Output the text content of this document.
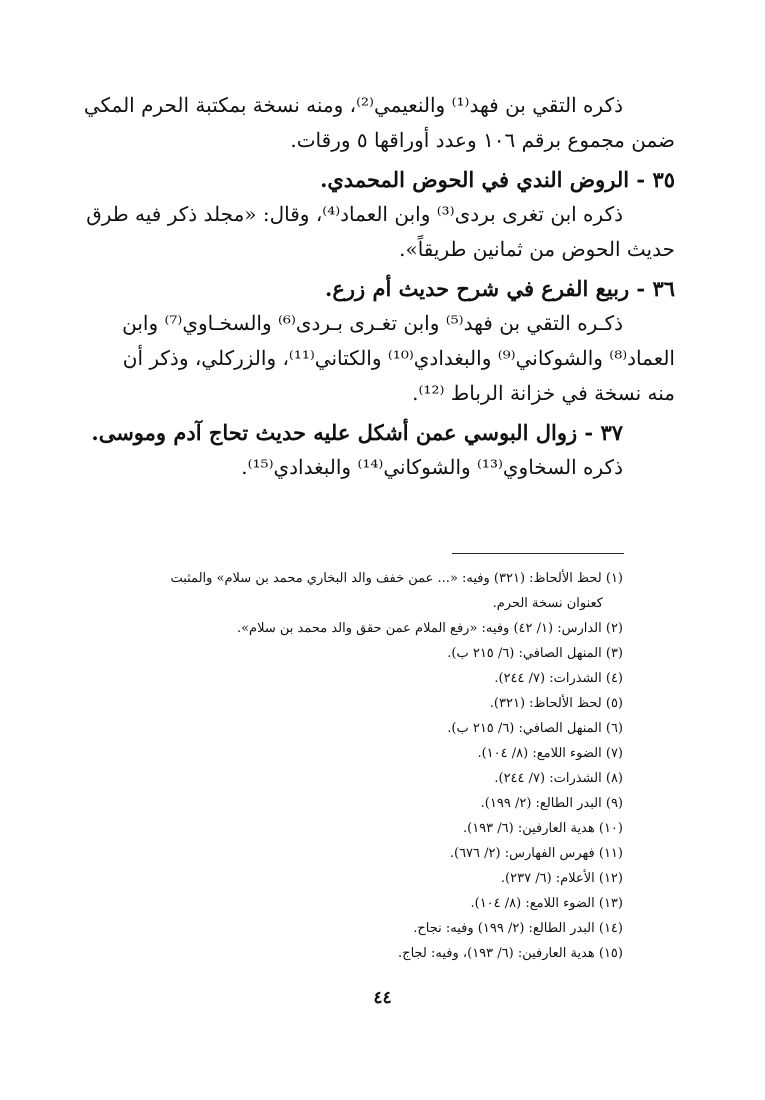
ذكره التقي بن فهد⁽¹⁾ والنعيمي⁽²⁾، ومنه نسخة بمكتبة الحرم المكي
ضمن مجموع برقم ١٠٦ وعدد أوراقها ٥ ورقات.
٣٥ - الروض الندي في الحوض المحمدي.
ذكره ابن تغرى بردى⁽³⁾ وابن العماد⁽⁴⁾، وقال: «مجلد ذكر فيه طرق
حديث الحوض من ثمانين طريقاً».
٣٦ - ربيع الفرع في شرح حديث أم زرع.
ذكـره التقي بن فهد⁽⁵⁾ وابن تغـرى بـردى⁽⁶⁾ والسخـاوي⁽⁷⁾ وابن
العماد⁽⁸⁾ والشوكاني⁽⁹⁾ والبغدادي⁽¹⁰⁾ والكتاني⁽¹¹⁾، والزركلي، وذكر أن
منه نسخة في خزانة الرباط ⁽¹²⁾.
٣٧ - زوال البوسي عمن أشكل عليه حديث تحاج آدم وموسى.
ذكره السخاوي⁽¹³⁾ والشوكاني⁽¹⁴⁾ والبغدادي⁽¹⁵⁾.
(١) لحظ الألحاظ: (٣٢١) وفيه: «... عمن خفف والد البخاري محمد بن سلام» والمثبت
كعنوان نسخة الحرم.
(٢) الدارس: (١/ ٤٢) وفيه: «رفع الملام عمن حقق والد محمد بن سلام».
(٣) المنهل الصافي: (٦/ ٢١٥ ب).
(٤) الشذرات: (٧/ ٢٤٤).
(٥) لحظ الألحاظ: (٣٢١).
(٦) المنهل الصافي: (٦/ ٢١٥ ب).
(٧) الضوء اللامع: (٨/ ١٠٤).
(٨) الشذرات: (٧/ ٢٤٤).
(٩) البدر الطالع: (٢/ ١٩٩).
(١٠) هدية العارفين: (٦/ ١٩٣).
(١١) فهرس الفهارس: (٢/ ٦٧٦).
(١٢) الأعلام: (٦/ ٢٣٧).
(١٣) الضوء اللامع: (٨/ ١٠٤).
(١٤) البدر الطالع: (٢/ ١٩٩) وفيه: نجاح.
(١٥) هدية العارفين: (٦/ ١٩٣)، وفيه: لجاج.
٤٤
